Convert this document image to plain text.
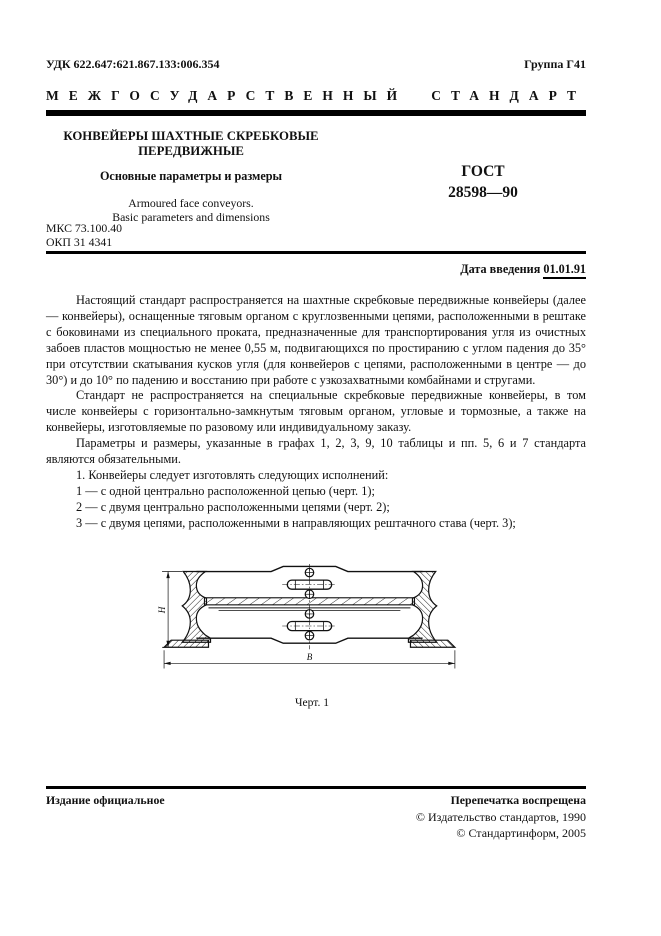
УДК 622.647:621.867.133:006.354	Группа Г41
МЕЖГОСУДАРСТВЕННЫЙ СТАНДАРТ
КОНВЕЙЕРЫ ШАХТНЫЕ СКРЕБКОВЫЕ
ПЕРЕДВИЖНЫЕ
Основные параметры и размеры
Armoured face conveyors.
Basic parameters and dimensions
ГОСТ
28598—90
МКС 73.100.40
ОКП 31 4341
Дата введения 01.01.91

Настоящий стандарт распространяется на шахтные скребковые передвижные конвейеры (далее — конвейеры), оснащенные тяговым органом с круглозвенными цепями, расположенными в рештаке с боковинами из специального проката, предназначенные для транспортирования угля из очистных забоев пластов мощностью не менее 0,55 м, подвигающихся по простиранию с углом падения до 35° при отсутствии скатывания кусков угля (для конвейеров с цепями, расположенными в центре — до 30°) и до 10° по падению и восстанию при работе с узкозахватными комбайнами и стругами.

Стандарт не распространяется на специальные скребковые передвижные конвейеры, в том числе конвейеры с горизонтально-замкнутым тяговым органом, угловые и тормозные, а также на конвейеры, изготовляемые по разовому или индивидуальному заказу.

Параметры и размеры, указанные в графах 1, 2, 3, 9, 10 таблицы и пп. 5, 6 и 7 стандарта являются обязательными.

1. Конвейеры следует изготовлять следующих исполнений:

1 — с одной центрально расположенной цепью (черт. 1);

2 — с двумя центрально расположенными цепями (черт. 2);

3 — с двумя цепями, расположенными в направляющих рештачного става (черт. 3);

Н
В
Черт. 1
Издание официальное	Перепечатка воспрещена
© Издательство стандартов, 1990
© Стандартинформ, 2005
